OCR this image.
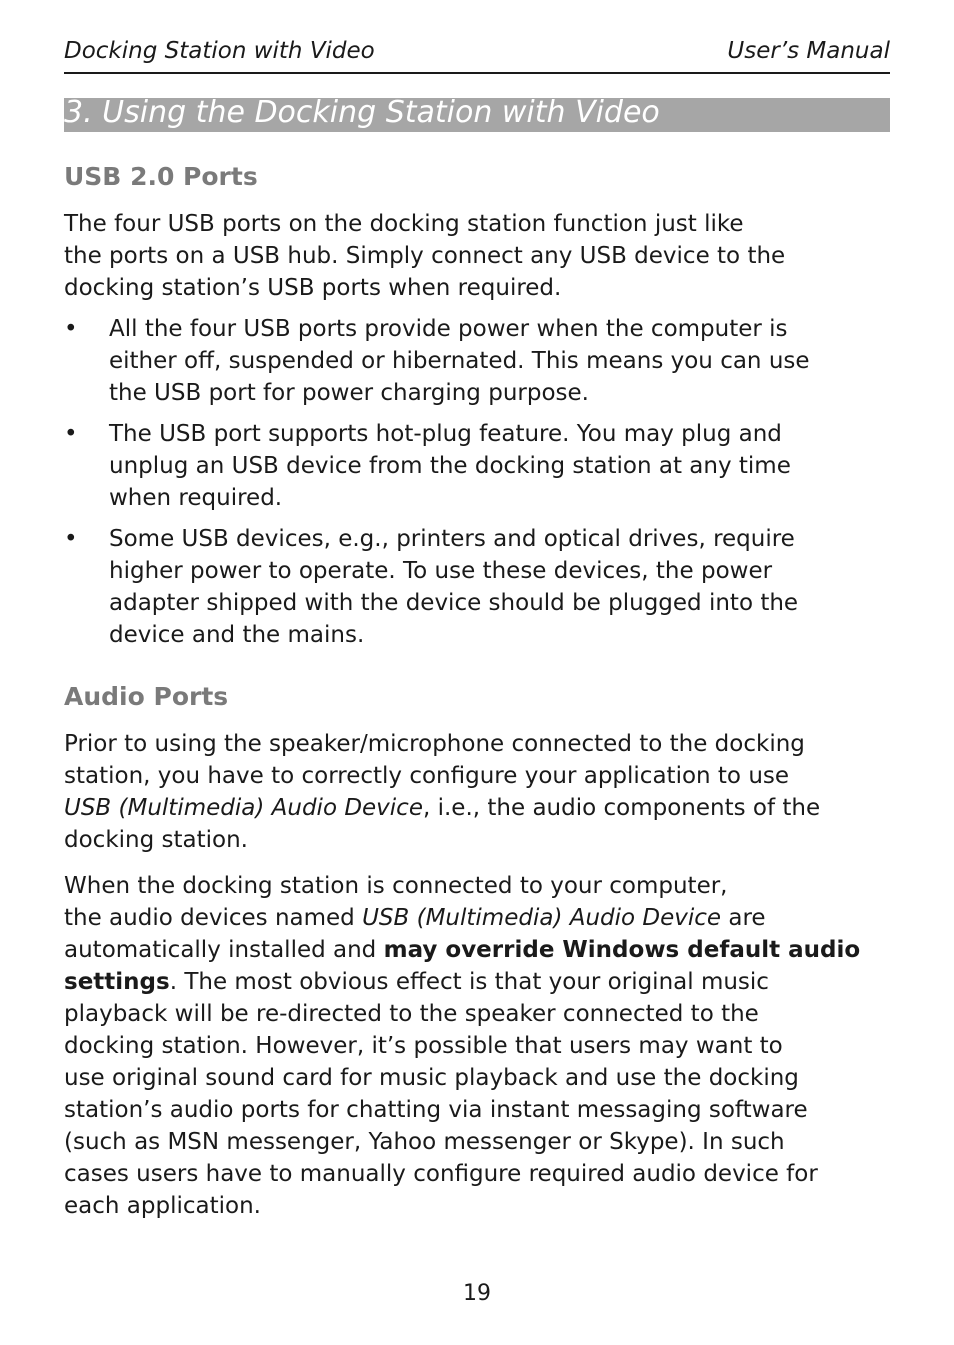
Docking Station with Video	User’s Manual
3. Using the Docking Station with Video
USB 2.0 Ports

The four USB ports on the docking station function just like
the ports on a USB hub. Simply connect any USB device to the
docking station’s USB ports when required.

• All the four USB ports provide power when the computer is
either off, suspended or hibernated. This means you can use
the USB port for power charging purpose.
• The USB port supports hot-plug feature. You may plug and
unplug an USB device from the docking station at any time
when required.
• Some USB devices, e.g., printers and optical drives, require
higher power to operate. To use these devices, the power
adapter shipped with the device should be plugged into the
device and the mains.
Audio Ports

Prior to using the speaker/microphone connected to the docking
station, you have to correctly configure your application to use
USB (Multimedia) Audio Device, i.e., the audio components of the
docking station.

When the docking station is connected to your computer,
the audio devices named USB (Multimedia) Audio Device are
automatically installed and may override Windows default audio
settings. The most obvious effect is that your original music
playback will be re-directed to the speaker connected to the
docking station. However, it’s possible that users may want to
use original sound card for music playback and use the docking
station’s audio ports for chatting via instant messaging software
(such as MSN messenger, Yahoo messenger or Skype). In such
cases users have to manually configure required audio device for
each application.

19
